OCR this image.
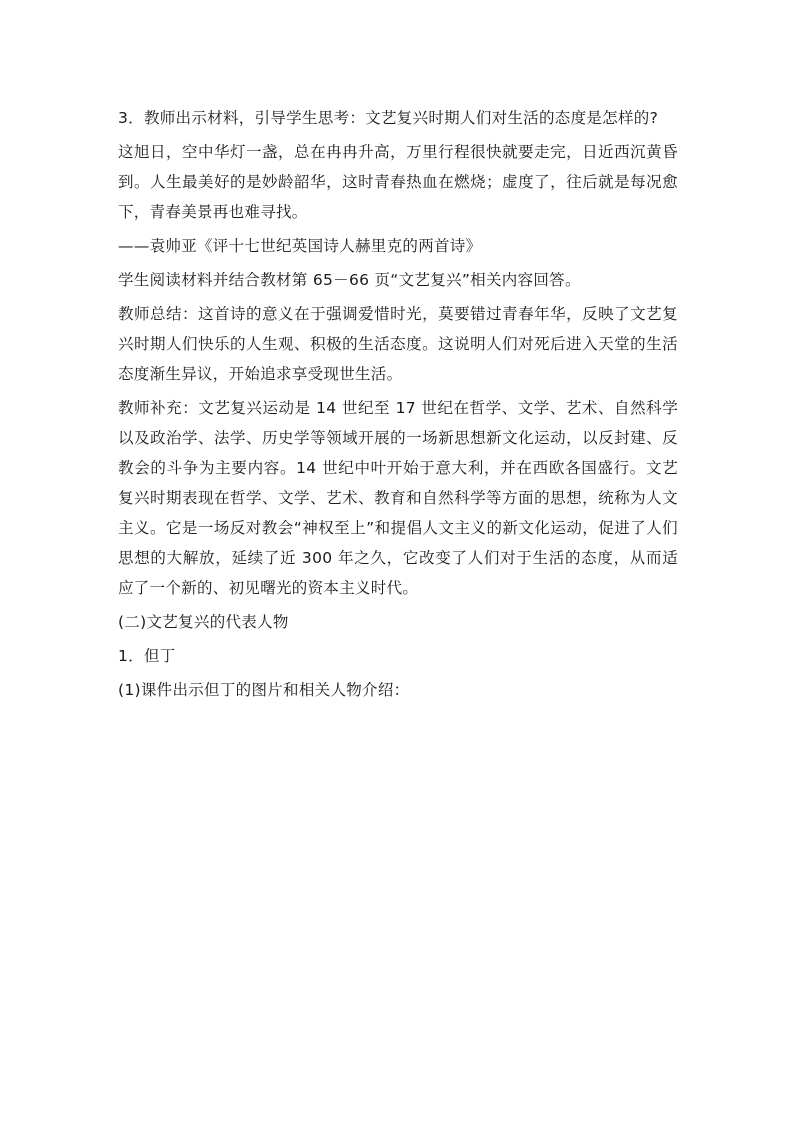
3．教师出示材料，引导学生思考：文艺复兴时期人们对生活的态度是怎样的?

这旭日，空中华灯一盏，总在冉冉升高，万里行程很快就要走完，日近西沉黄昏到。人生最美好的是妙龄韶华，这时青春热血在燃烧；虚度了，往后就是每况愈下，青春美景再也难寻找。

——袁帅亚《评十七世纪英国诗人赫里克的两首诗》

学生阅读材料并结合教材第 65－66 页“文艺复兴”相关内容回答。

教师总结：这首诗的意义在于强调爱惜时光，莫要错过青春年华，反映了文艺复兴时期人们快乐的人生观、积极的生活态度。这说明人们对死后进入天堂的生活态度渐生异议，开始追求享受现世生活。

教师补充：文艺复兴运动是 14 世纪至 17 世纪在哲学、文学、艺术、自然科学以及政治学、法学、历史学等领域开展的一场新思想新文化运动，以反封建、反教会的斗争为主要内容。14 世纪中叶开始于意大利，并在西欧各国盛行。文艺复兴时期表现在哲学、文学、艺术、教育和自然科学等方面的思想，统称为人文主义。它是一场反对教会“神权至上”和提倡人文主义的新文化运动，促进了人们思想的大解放，延续了近 300 年之久，它改变了人们对于生活的态度，从而适应了一个新的、初见曙光的资本主义时代。

(二)文艺复兴的代表人物

1．但丁

(1)课件出示但丁的图片和相关人物介绍：
